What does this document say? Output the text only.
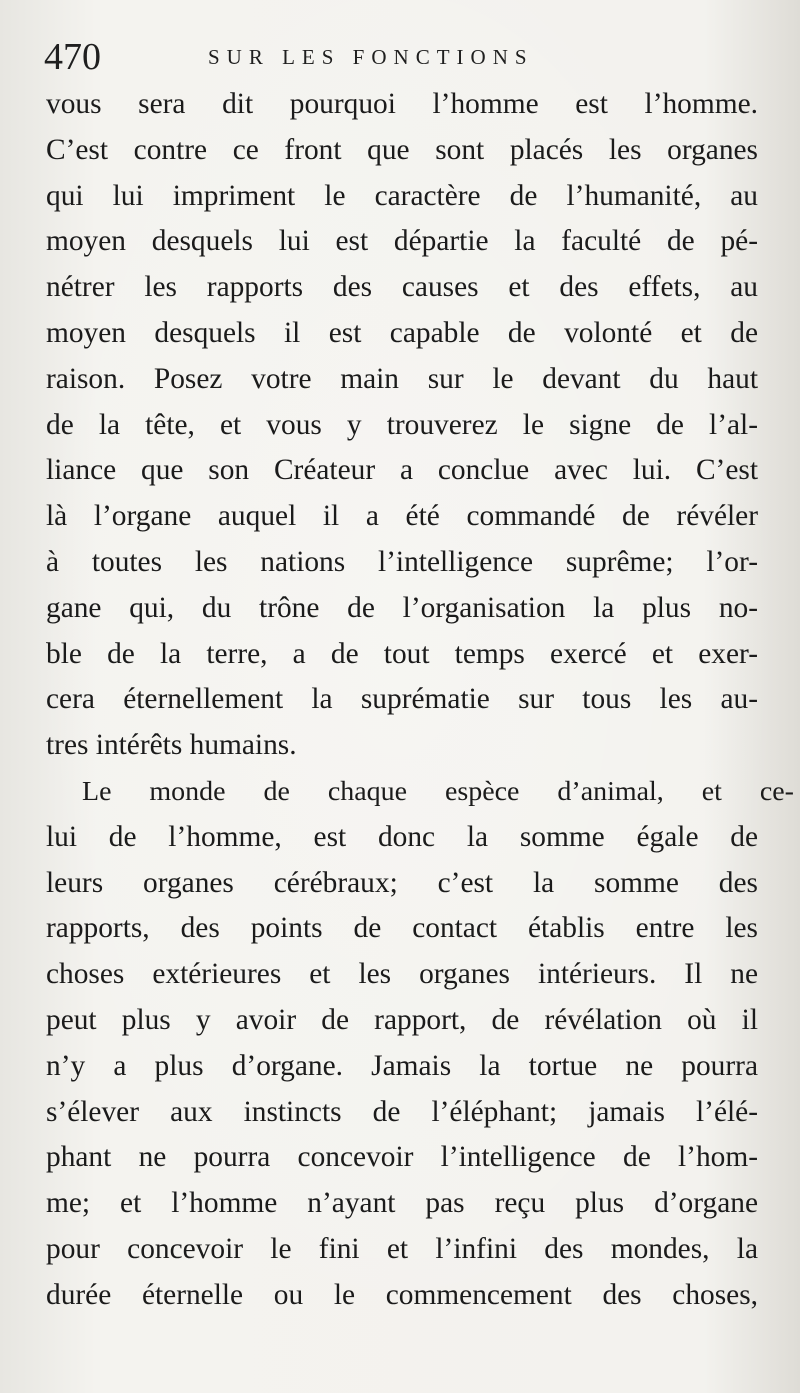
470	SUR LES FONCTIONS
vous sera dit pourquoi l’homme est l’homme.
C’est contre ce front que sont placés les organes
qui lui impriment le caractère de l’humanité, au
moyen desquels lui est départie la faculté de pé-
nétrer les rapports des causes et des effets, au
moyen desquels il est capable de volonté et de
raison. Posez votre main sur le devant du haut
de la tête, et vous y trouverez le signe de l’al-
liance que son Créateur a conclue avec lui. C’est
là l’organe auquel il a été commandé de révéler
à toutes les nations l’intelligence suprême; l’or-
gane qui, du trône de l’organisation la plus no-
ble de la terre, a de tout temps exercé et exer-
cera éternellement la suprématie sur tous les au-
tres intérêts humains.
Le monde de chaque espèce d’animal, et ce-
lui de l’homme, est donc la somme égale de
leurs organes cérébraux; c’est la somme des
rapports, des points de contact établis entre les
choses extérieures et les organes intérieurs. Il ne
peut plus y avoir de rapport, de révélation où il
n’y a plus d’organe. Jamais la tortue ne pourra
s’élever aux instincts de l’éléphant; jamais l’élé-
phant ne pourra concevoir l’intelligence de l’hom-
me; et l’homme n’ayant pas reçu plus d’organe
pour concevoir le fini et l’infini des mondes, la
durée éternelle ou le commencement des choses,
